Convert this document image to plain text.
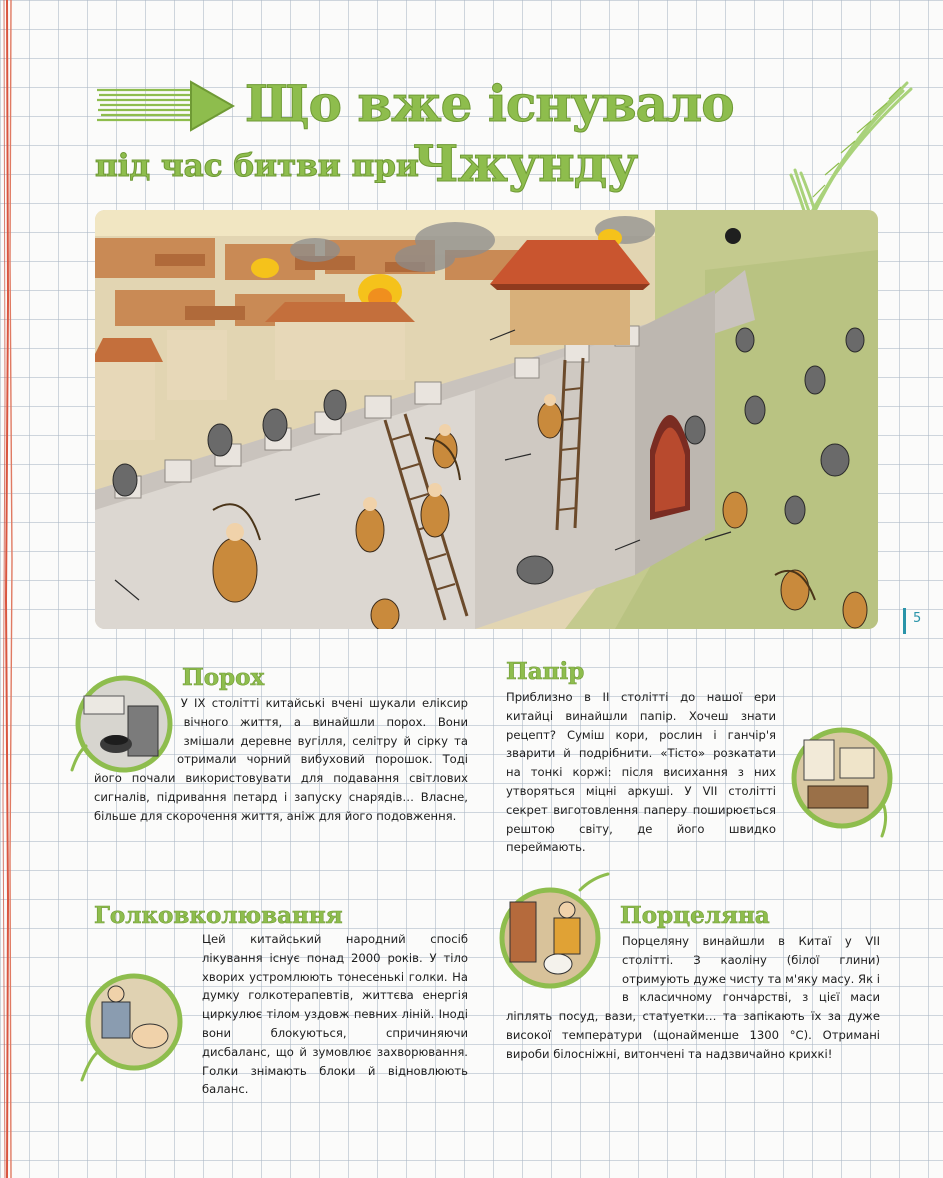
Що вже існувало
під час битви при
Чжунду
5
Порох
У IX столітті китайські вчені шукали еліксир вічного життя, а винайшли порох. Вони змішали деревне вугілля, селітру й сірку та отримали чорний вибуховий порошок. Тоді його почали використовувати для подавання світлових сигналів, підривання петард і запуску снарядів… Власне, більше для скорочення життя, аніж для його подовження.
Папір
Приблизно в II столітті до нашої ери китайці винайшли папір. Хочеш знати рецепт? Суміш кори, рослин і ганчір'я зварити й подрібнити. «Тісто» розкатати на тонкі коржі: після висихання з них утворяться міцні аркуші. У VII столітті секрет виготовлення паперу поширюється рештою світу, де його швидко переймають.
Голковколювання
Цей китайський народний спосіб лікування існує понад 2000 років. У тіло хворих устромлюють тонесенькі голки. На думку голкотерапевтів, життєва енергія циркулює тілом уздовж певних ліній. Іноді вони блокуються, спричиняючи дисбаланс, що й зумовлює захворювання. Голки знімають блоки й відновлюють баланс.
Порцеляна
Порцеляну винайшли в Китаї у VII столітті. З каоліну (білої глини) отримують дуже чисту та м'яку масу. Як і в класичному гончарстві, з цієї маси ліплять посуд, вази, статуетки… та запікають їх за дуже високої температури (щонайменше 1300 °C). Отримані вироби білосніжні, витончені та надзвичайно крихкі!
